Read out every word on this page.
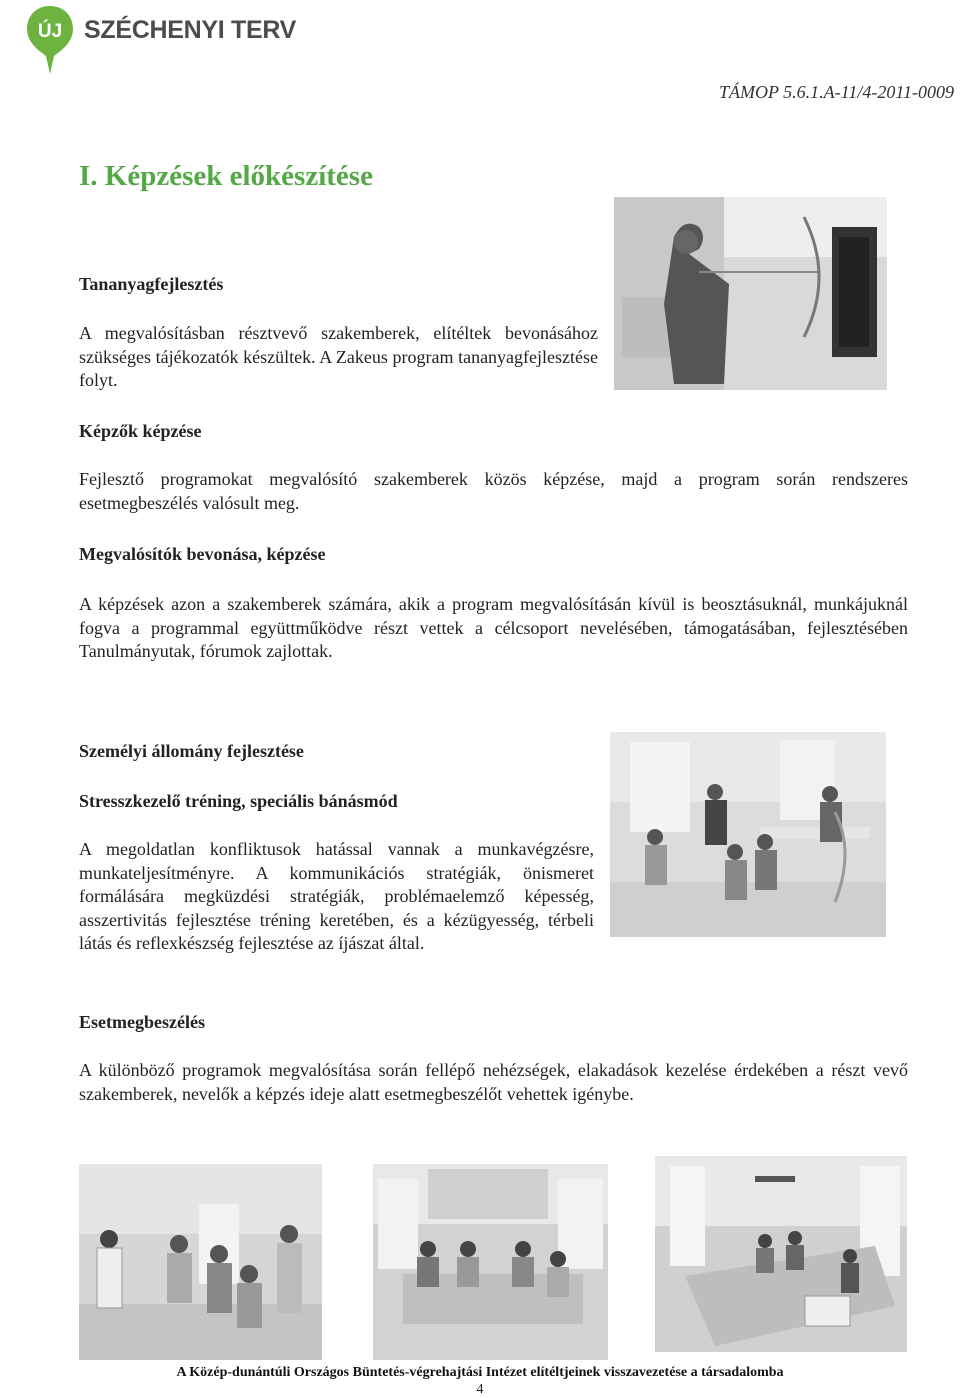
ÚJ SZÉCHENYI TERV
TÁMOP 5.6.1.A-11/4-2011-0009
I. Képzések előkészítése
Tananyagfejlesztés

A megvalósításban résztvevő szakemberek, elítéltek bevonásához szükséges tájékozatók készültek. A Zakeus program tananyagfejlesztése folyt.

Képzők képzése

Fejlesztő programokat megvalósító szakemberek közös képzése, majd a program során rendszeres esetmegbeszélés valósult meg.

Megvalósítók bevonása, képzése

A képzések azon a szakemberek számára, akik a program megvalósításán kívül is beosztásuknál, munkájuknál fogva a programmal együttműködve részt vettek a célcsoport nevelésében, támogatásában, fejlesztésében Tanulmányutak, fórumok zajlottak.

Személyi állomány fejlesztése
Stresszkezelő tréning, speciális bánásmód

A megoldatlan konfliktusok hatással vannak a munkavégzésre, munkateljesítményre. A kommunikációs stratégiák, önismeret formálására megküzdési stratégiák, problémaelemző képesség, asszertivitás fejlesztése tréning keretében, és a kézügyesség, térbeli látás és reflexkészség fejlesztése az íjászat által.

Esetmegbeszélés

A különböző programok megvalósítása során fellépő nehézségek, elakadások kezelése érdekében a részt vevő szakemberek, nevelők a képzés ideje alatt esetmegbeszélőt vehettek igénybe.

A Közép-dunántúli Országos Büntetés-végrehajtási Intézet elítéltjeinek visszavezetése a társadalomba
4
